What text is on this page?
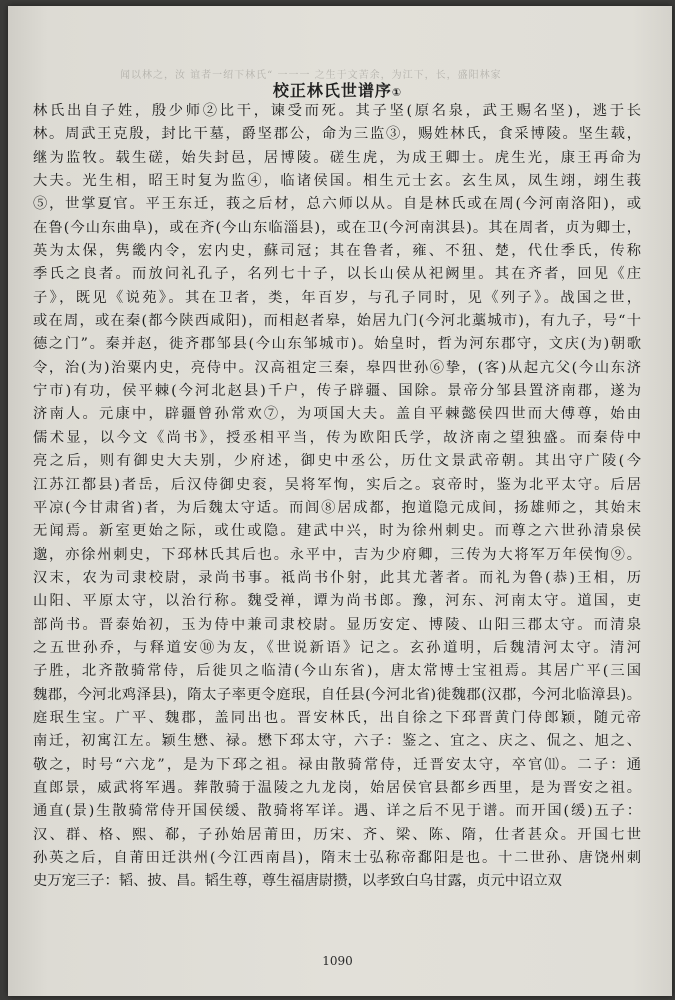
闻以林之，汝 谊者一绍下林氏“ 一一一 之生于文苦余，为江下，长，盛阳林家
校正林氏世谱序①
林氏出自子姓，殷少师②比干，谏受而死。其子坚(原名泉，武王赐名坚)，逃于长
林。周武王克殷，封比干墓，爵坚郡公，命为三监③，赐姓林氏，食采博陵。坚生载，
继为监牧。载生磋，始失封邑，居博陵。磋生虎，为成王卿士。虎生光，康王再命为
大夫。光生相，昭王时复为监④，临诸侯国。相生元士玄。玄生凤，凤生翊，翊生莪
⑤，世掌夏官。平王东迁，莪之后材，总六师以从。自是林氏或在周(今河南洛阳)，或
在鲁(今山东曲阜)，或在齐(今山东临淄县)，或在卫(今河南淇县)。其在周者，贞为卿士，
英为太保，隽畿内令，宏内史，蘇司冠；其在鲁者，雍、不狃、楚，代仕季氏，传称
季氏之良者。而放问礼孔子，名列七十子，以长山侯从祀阙里。其在齐者，回见《庄
子》，既见《说苑》。其在卫者，类，年百岁，与孔子同时，见《列子》。战国之世，
或在周，或在秦(都今陕西咸阳)，而相赵者皋，始居九门(今河北藁城市)，有九子，号“十
德之门”。秦并赵，徙齐郡邹县(今山东邹城市)。始皇时，哲为河东郡守，文庆(为)朝歌
令，治(为)治粟内史，亮侍中。汉高祖定三秦，皋四世孙⑥挚，(客)从起亢父(今山东济
宁市)有功，侯平棘(今河北赵县)千户，传子辟疆、国除。景帝分邹县置济南郡，遂为
济南人。元康中，辟疆曾孙常欢⑦，为项国大夫。盖自平棘懿侯四世而大傅尊，始由
儒术显，以今文《尚书》，授丞相平当，传为欧阳氏学，故济南之望独盛。而秦侍中
亮之后，则有御史大夫别，少府述，御史中丞公，历仕文景武帝朝。其出守广陵(今
江苏江都县)者岳，后汉侍御史衮，吴将军恂，实后之。哀帝时，鉴为北平太守。后居
平凉(今甘肃省)者，为后魏太守适。而闾⑧居成都，抱道隐元成间，扬雄师之，其始末
无闻焉。新室更始之际，或仕或隐。建武中兴，时为徐州刺史。而尊之六世孙清泉侯
邈，亦徐州刺史，下邳林氏其后也。永平中，吉为少府卿，三传为大将军万年侯恂⑨。
汉末，农为司隶校尉，录尚书事。祗尚书仆射，此其尤著者。而礼为鲁(恭)王相，历
山阳、平原太守，以治行称。魏受禅，谭为尚书郎。豫，河东、河南太守。道国，吏
部尚书。晋泰始初，玉为侍中兼司隶校尉。显历安定、博陵、山阳三郡太守。而清泉
之五世孙乔，与释道安⑩为友，《世说新语》记之。玄孙道明，后魏清河太守。清河
子胜，北齐散骑常侍，后徙贝之临清(今山东省)，唐太常博士宝祖焉。其居广平(三国
魏郡，今河北鸡泽县)，隋太子率更令庭珉，自任县(今河北省)徙魏郡(汉郡，今河北临漳县)。
庭珉生宝。广平、魏郡，盖同出也。晋安林氏，出自徐之下邳晋黄门侍郎颖，随元帝
南迁，初寓江左。颖生懋、禄。懋下邳太守，六子：鉴之、宜之、庆之、侃之、旭之、
敬之，时号“六龙”，是为下邳之祖。禄由散骑常侍，迁晋安太守，卒官⑾。二子：通
直郎景，威武将军遇。葬散骑于温陵之九龙岗，始居侯官县都乡西里，是为晋安之祖。
通直(景)生散骑常侍开国侯缓、散骑将军详。遇、详之后不见于谱。而开国(缓)五子：
汉、群、格、熙、郗，子孙始居莆田，历宋、齐、梁、陈、隋，仕者甚众。开国七世
孙英之后，自莆田迁洪州(今江西南昌)，隋末士弘称帝鄱阳是也。十二世孙、唐饶州刺
史万宠三子：韬、披、昌。韬生尊，尊生福唐尉攒，以孝致白乌甘露，贞元中诏立双
1090
